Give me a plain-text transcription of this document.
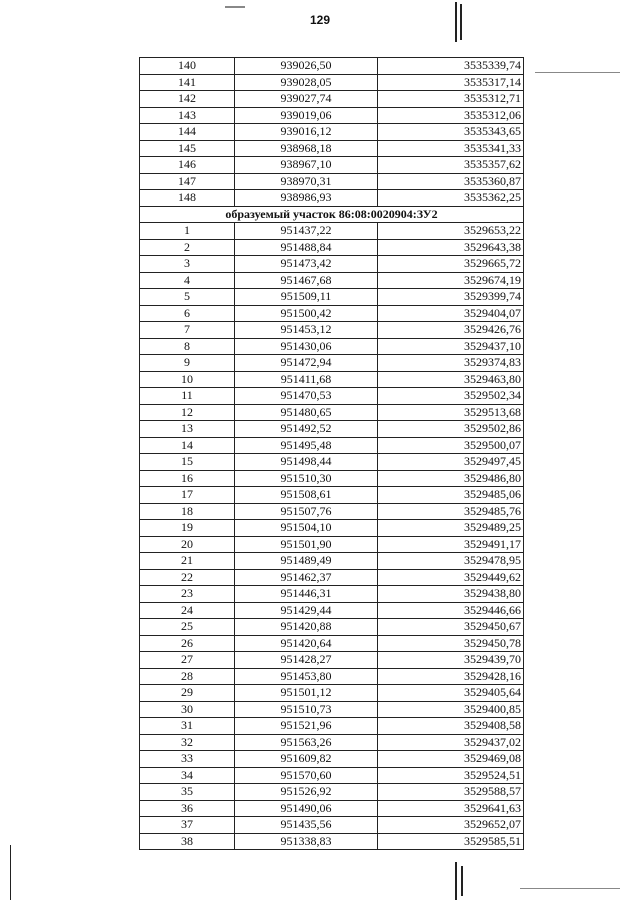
129
140	939026,50	3535339,74
141	939028,05	3535317,14
142	939027,74	3535312,71
143	939019,06	3535312,06
144	939016,12	3535343,65
145	938968,18	3535341,33
146	938967,10	3535357,62
147	938970,31	3535360,87
148	938986,93	3535362,25
образуемый участок 86:08:0020904:ЗУ2		
1	951437,22	3529653,22
2	951488,84	3529643,38
3	951473,42	3529665,72
4	951467,68	3529674,19
5	951509,11	3529399,74
6	951500,42	3529404,07
7	951453,12	3529426,76
8	951430,06	3529437,10
9	951472,94	3529374,83
10	951411,68	3529463,80
11	951470,53	3529502,34
12	951480,65	3529513,68
13	951492,52	3529502,86
14	951495,48	3529500,07
15	951498,44	3529497,45
16	951510,30	3529486,80
17	951508,61	3529485,06
18	951507,76	3529485,76
19	951504,10	3529489,25
20	951501,90	3529491,17
21	951489,49	3529478,95
22	951462,37	3529449,62
23	951446,31	3529438,80
24	951429,44	3529446,66
25	951420,88	3529450,67
26	951420,64	3529450,78
27	951428,27	3529439,70
28	951453,80	3529428,16
29	951501,12	3529405,64
30	951510,73	3529400,85
31	951521,96	3529408,58
32	951563,26	3529437,02
33	951609,82	3529469,08
34	951570,60	3529524,51
35	951526,92	3529588,57
36	951490,06	3529641,63
37	951435,56	3529652,07
38	951338,83	3529585,51
